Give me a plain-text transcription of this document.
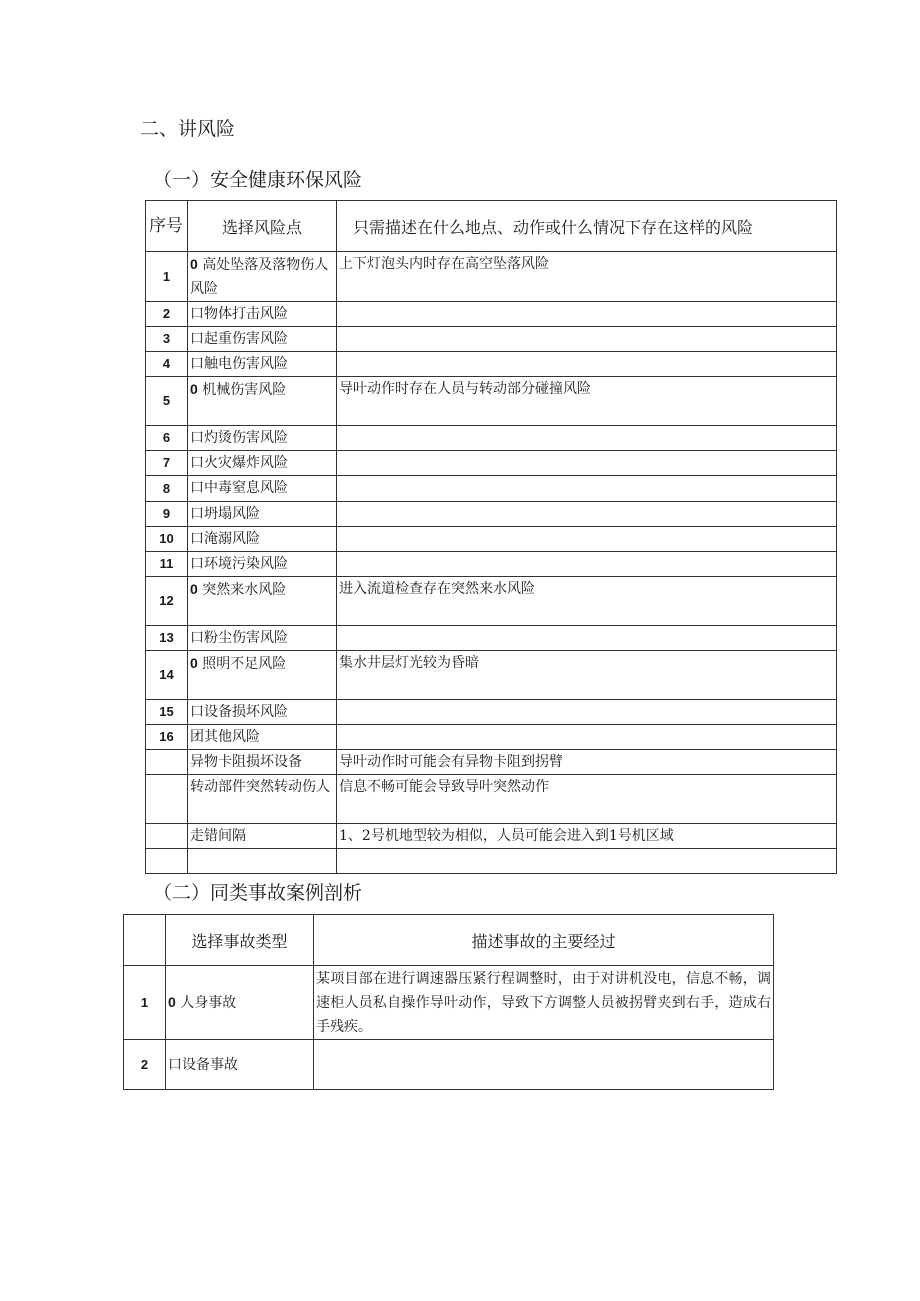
二、讲风险
（一）安全健康环保风险
序号	选择风险点	只需描述在什么地点、动作或什么情况下存在这样的风险
1	0 高处坠落及落物伤人风险	上下灯泡头内时存在高空坠落风险
2	口物体打击风险	
3	口起重伤害风险	
4	口触电伤害风险	
5	0 机械伤害风险	导叶动作时存在人员与转动部分碰撞风险
6	口灼烫伤害风险	
7	口火灾爆炸风险	
8	口中毒窒息风险	
9	口坍塌风险	
10	口淹溺风险	
11	口环境污染风险	
12	0 突然来水风险	进入流道检查存在突然来水风险
13	口粉尘伤害风险	
14	0 照明不足风险	集水井层灯光较为昏暗
15	口设备损坏风险	
16	团其他风险	
	异物卡阻损坏设备	导叶动作时可能会有异物卡阻到拐臂
	转动部件突然转动伤人	信息不畅可能会导致导叶突然动作
	走错间隔	1、2号机地型较为相似，人员可能会进入到1号机区域

（二）同类事故案例剖析
	选择事故类型	描述事故的主要经过
1	0 人身事故	某项目部在进行调速器压紧行程调整时，由于对讲机没电，信息不畅，调速柜人员私自操作导叶动作，导致下方调整人员被拐臂夹到右手，造成右手残疾。
2	口设备事故	
